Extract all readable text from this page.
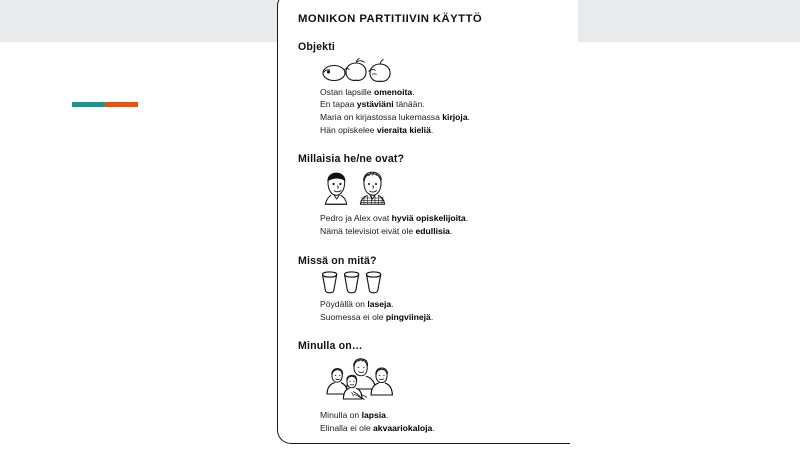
MONIKON PARTITIIVIN KÄYTTÖ
Objekti
Ostan lapsille omenoita.
En tapaa ystäviäni tänään.
Maria on kirjastossa lukemassa kirjoja.
Hän opiskelee vieraita kieliä.
Millaisia he/ne ovat?
Pedro ja Alex ovat hyviä opiskelijoita.
Nämä televisiot eivät ole edullisia.
Missä on mitä?
Pöydällä on laseja.
Suomessa ei ole pingviinejä.
Minulla on…
Minulla on lapsia.
Elinalla ei ole akvaariokaloja.
